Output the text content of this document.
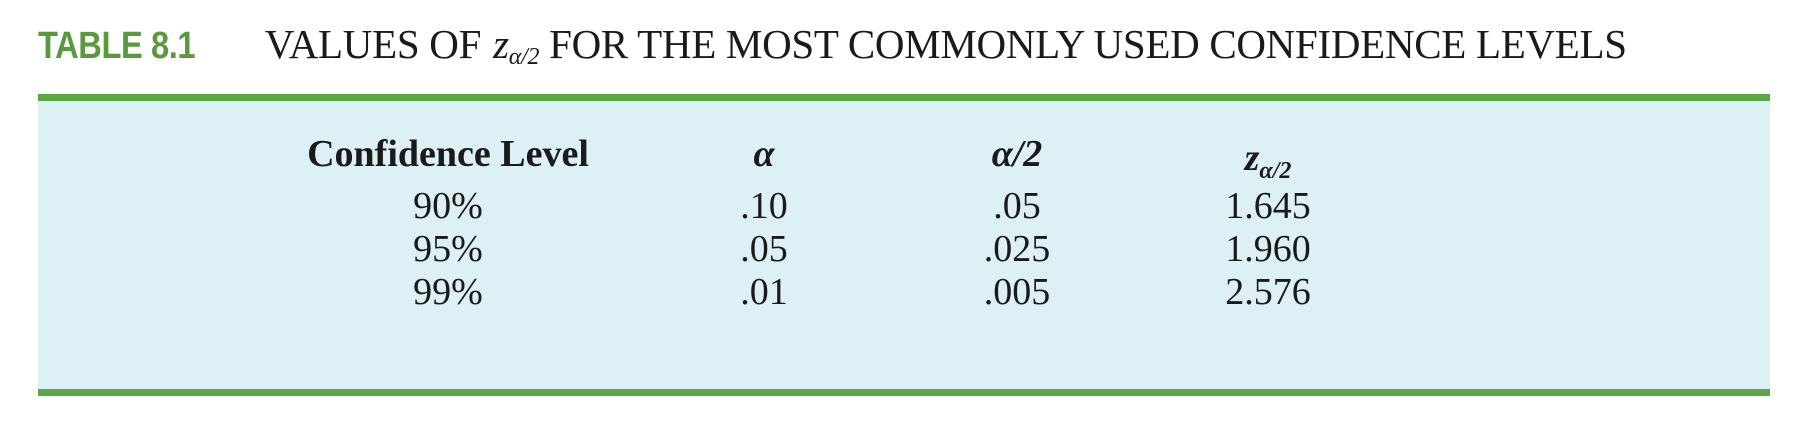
TABLE 8.1 VALUES OF $z_{\alpha/2}$ FOR THE MOST COMMONLY USED CONFIDENCE LEVELS
Confidence Level	α	α/2	$z_{\alpha/2}$
90%	.10	.05	1.645
95%	.05	.025	1.960
99%	.01	.005	2.576
